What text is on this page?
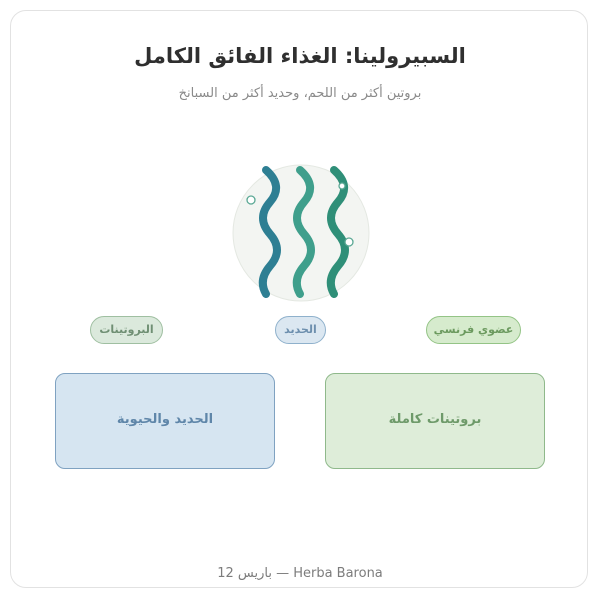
السبيرولينا: الغذاء الفائق الكامل
بروتين أكثر من اللحم، وحديد أكثر من السبانخ
البروتينات	الحديد	عضوي فرنسي
الحديد والحيوية	بروتينات كاملة
Herba Barona — باريس 12
